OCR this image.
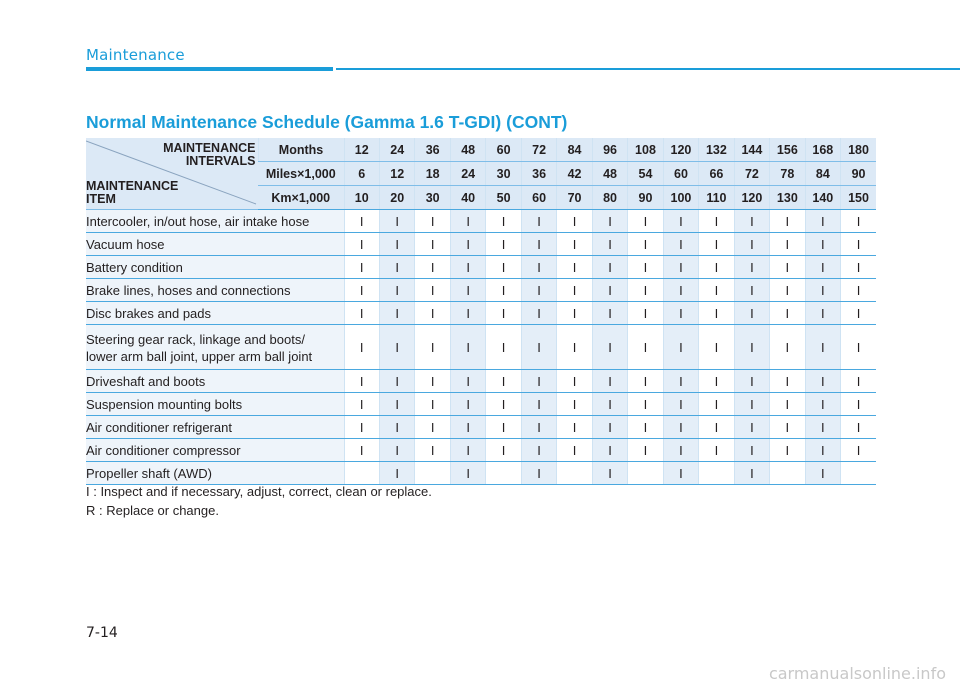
Maintenance
Normal Maintenance Schedule (Gamma 1.6 T-GDI) (CONT)
MAINTENANCE
INTERVALS
MAINTENANCE
ITEM	Months	12	24	36	48	60	72	84	96	108	120	132	144	156	168	180
	Miles×1,000	6	12	18	24	30	36	42	48	54	60	66	72	78	84	90
	Km×1,000	10	20	30	40	50	60	70	80	90	100	110	120	130	140	150
Intercooler, in/out hose, air intake hose		I	I	I	I	I	I	I	I	I	I	I	I	I	I	I
Vacuum hose		I	I	I	I	I	I	I	I	I	I	I	I	I	I	I
Battery condition		I	I	I	I	I	I	I	I	I	I	I	I	I	I	I
Brake lines, hoses and connections		I	I	I	I	I	I	I	I	I	I	I	I	I	I	I
Disc brakes and pads		I	I	I	I	I	I	I	I	I	I	I	I	I	I	I

Steering gear rack, linkage and boots/
lower arm ball joint, upper arm ball joint		I	I	I	I	I	I	I	I	I	I	I	I	I	I	I
Driveshaft and boots		I	I	I	I	I	I	I	I	I	I	I	I	I	I	I
Suspension mounting bolts		I	I	I	I	I	I	I	I	I	I	I	I	I	I	I
Air conditioner refrigerant		I	I	I	I	I	I	I	I	I	I	I	I	I	I	I
Air conditioner compressor		I	I	I	I	I	I	I	I	I	I	I	I	I	I	I
Propeller shaft (AWD)			I		I		I		I		I		I		I	
I : Inspect and if necessary, adjust, correct, clean or replace.
R : Replace or change.
7-14
carmanualsonline.info
